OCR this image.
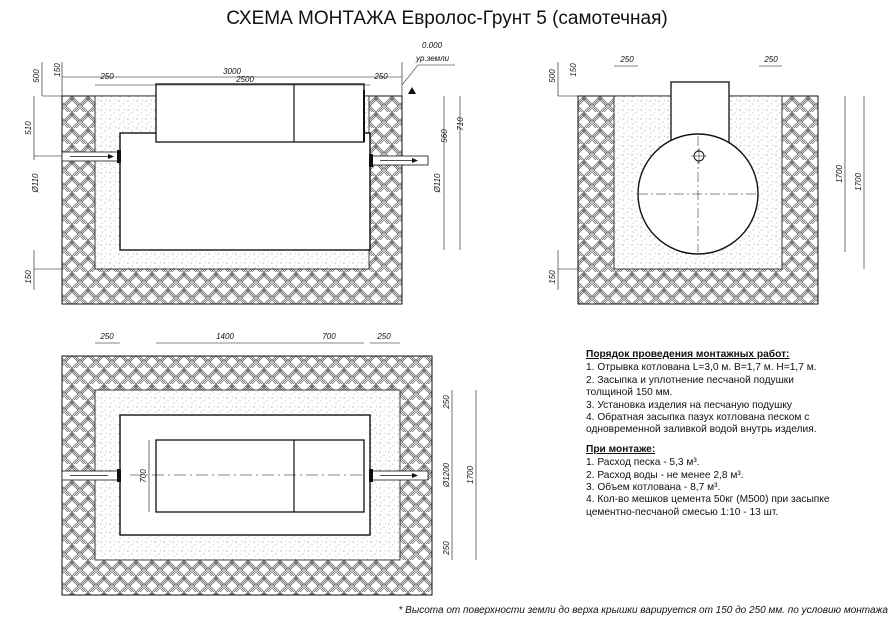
СХЕМА МОНТАЖА Евролос-Грунт 5 (самотечная)
3000
2500
250	250
0.000
ур.земли
500 150
510
Ø110
710
560
Ø110
150
250	250
500 150
1700 1700
150
250	1400	700	250
700
250
Ø1200
250
1700
* Высота от поверхности земли до верха крышки варируется от 150 до 250 мм. по условию монтажа
Порядок проведения монтажных работ:
1. Отрывка котлована L=3,0 м. B=1,7 м. H=1,7 м.
2. Засыпка и уплотнение песчаной подушки
толщиной 150 мм.
3. Установка изделия на песчаную подушку
4. Обратная засыпка пазух котлована песком с
одновременной заливкой водой внутрь изделия.
При монтаже:
1. Расход песка - 5,3 м³.
2. Расход воды - не менее 2,8 м³.
3. Объем котлована - 8,7 м³.
4. Кол-во мешков цемента 50кг (М500) при засыпке
цементно-песчаной смесью 1:10 - 13 шт.
